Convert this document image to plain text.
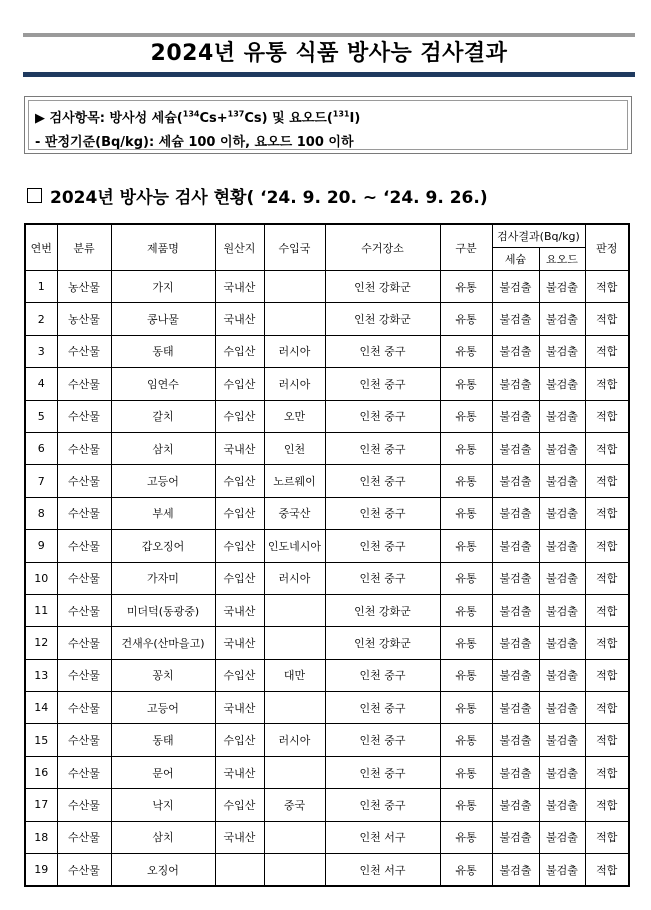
2024년 유통 식품 방사능 검사결과
▶ 검사항목: 방사성 세슘($^{134}$Cs+$^{137}$Cs) 및 요오드($^{131}$I)
- 판정기준(Bq/kg): 세슘 100 이하, 요오드 100 이하
2024년 방사능 검사 현황( ‘24. 9. 20. ~ ‘24. 9. 26.)
연번	분류	제품명	원산지	수입국	수거장소	구분	검사결과(Bq/kg)		판정
							세슘	요오드	
1	농산물	가지	국내산		인천 강화군	유통	불검출	불검출	적합
2	농산물	콩나물	국내산		인천 강화군	유통	불검출	불검출	적합
3	수산물	동태	수입산	러시아	인천 중구	유통	불검출	불검출	적합
4	수산물	임연수	수입산	러시아	인천 중구	유통	불검출	불검출	적합
5	수산물	갈치	수입산	오만	인천 중구	유통	불검출	불검출	적합
6	수산물	삼치	국내산	인천	인천 중구	유통	불검출	불검출	적합
7	수산물	고등어	수입산	노르웨이	인천 중구	유통	불검출	불검출	적합
8	수산물	부세	수입산	중국산	인천 중구	유통	불검출	불검출	적합
9	수산물	갑오징어	수입산	인도네시아	인천 중구	유통	불검출	불검출	적합
10	수산물	가자미	수입산	러시아	인천 중구	유통	불검출	불검출	적합
11	수산물	미더덕(동광중)	국내산		인천 강화군	유통	불검출	불검출	적합
12	수산물	건새우(산마을고)	국내산		인천 강화군	유통	불검출	불검출	적합
13	수산물	꽁치	수입산	대만	인천 중구	유통	불검출	불검출	적합
14	수산물	고등어	국내산		인천 중구	유통	불검출	불검출	적합
15	수산물	동태	수입산	러시아	인천 중구	유통	불검출	불검출	적합
16	수산물	문어	국내산		인천 중구	유통	불검출	불검출	적합
17	수산물	낙지	수입산	중국	인천 중구	유통	불검출	불검출	적합
18	수산물	삼치	국내산		인천 서구	유통	불검출	불검출	적합
19	수산물	오징어			인천 서구	유통	불검출	불검출	적합
